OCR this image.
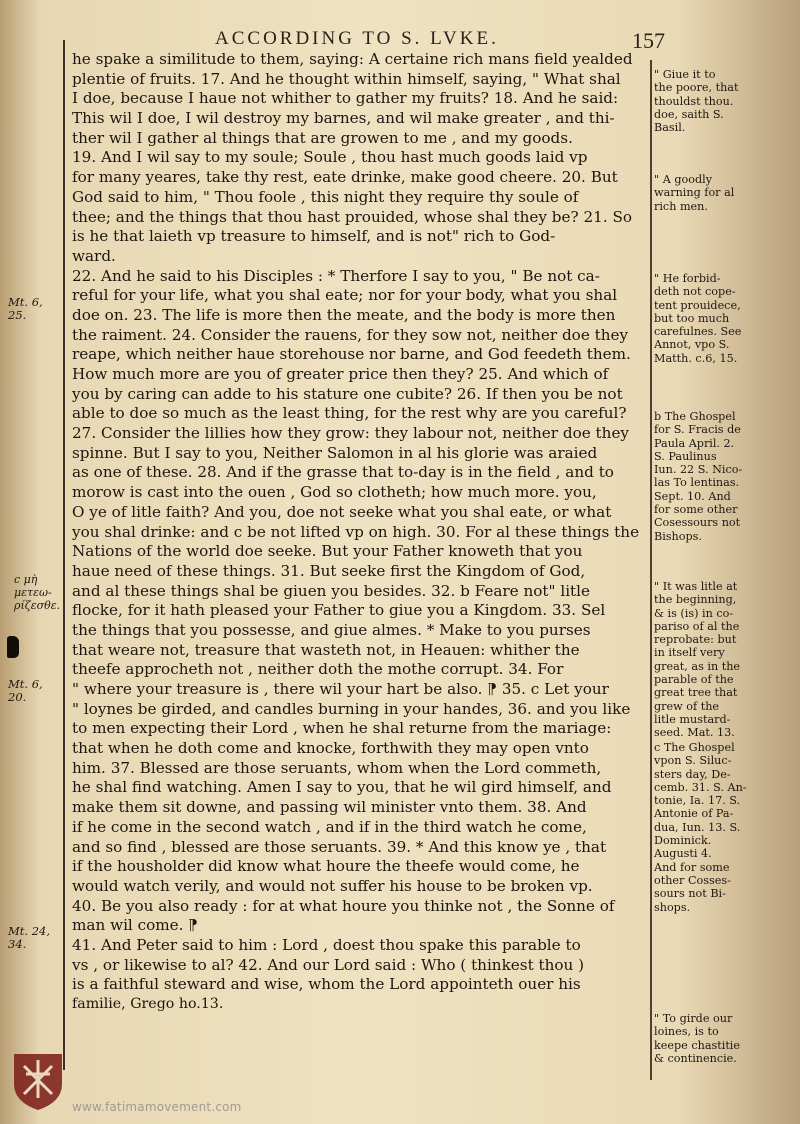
ACCORDING TO S. LVKE.	157
Mt. 6,
25.
c μὴ
μετεω-
ρίζεσθε.
Mt. 6,
20.
Mt. 24,
34.
he spake a similitude to them, saying: A certaine rich mans field yealded
plentie of fruits. 17. And he thought within himself, saying, " What shal
I doe, because I haue not whither to gather my fruits? 18. And he said:
This wil I doe, I wil destroy my barnes, and wil make greater , and thi-
ther wil I gather al things that are growen to me , and my goods.
19. And I wil say to my soule; Soule , thou hast much goods laid vp
for many yeares, take thy rest, eate drinke, make good cheere. 20. But
God said to him, " Thou foole , this night they require thy soule of
thee; and the things that thou hast prouided, whose shal they be? 21. So
is he that laieth vp treasure to himself, and is not" rich to God-
ward.
22. And he said to his Disciples : * Therfore I say to you, " Be not ca-
reful for your life, what you shal eate; nor for your body, what you shal
doe on. 23. The life is more then the meate, and the body is more then
the raiment. 24. Consider the rauens, for they sow not, neither doe they
reape, which neither haue storehouse nor barne, and God feedeth them.
How much more are you of greater price then they? 25. And which of
you by caring can adde to his stature one cubite? 26. If then you be not
able to doe so much as the least thing, for the rest why are you careful?
27. Consider the lillies how they grow: they labour not, neither doe they
spinne. But I say to you, Neither Salomon in al his glorie was araied
as one of these. 28. And if the grasse that to-day is in the field , and to
morow is cast into the ouen , God so clotheth; how much more. you,
O ye of litle faith? And you, doe not seeke what you shal eate, or what
you shal drinke: and c be not lifted vp on high. 30. For al these things the
Nations of the world doe seeke. But your Father knoweth that you
haue need of these things. 31. But seeke first the Kingdom of God,
and al these things shal be giuen you besides. 32. b Feare not" litle
flocke, for it hath pleased your Father to giue you a Kingdom. 33. Sel
the things that you possesse, and giue almes. * Make to you purses
that weare not, treasure that wasteth not, in Heauen: whither the
theefe approcheth not , neither doth the mothe corrupt. 34. For
" where your treasure is , there wil your hart be also. ⁋ 35. c Let your
" loynes be girded, and candles burning in your handes, 36. and you like
to men expecting their Lord , when he shal returne from the mariage:
that when he doth come and knocke, forthwith they may open vnto
him. 37. Blessed are those seruants, whom when the Lord commeth,
he shal find watching. Amen I say to you, that he wil gird himself, and
make them sit downe, and passing wil minister vnto them. 38. And
if he come in the second watch , and if in the third watch he come,
and so find , blessed are those seruants. 39. * And this know ye , that
if the housholder did know what houre the theefe would come, he
would watch verily, and would not suffer his house to be broken vp.
40. Be you also ready : for at what houre you thinke not , the Sonne of
man wil come. ⁋
41. And Peter said to him : Lord , doest thou spake this parable to
vs , or likewise to al? 42. And our Lord said : Who ( thinkest thou )
is a faithful steward and wise, whom the Lord appointeth ouer his
familie, Grego ho.13.
" Giue it to
the poore, that
thouldst thou.
doe, saith S.
Basil.
" A goodly
warning for al
rich men.
" He forbid-
deth not cope-
tent prouidece,
but too much
carefulnes. See
Annot, vpo S.
Matth. c.6, 15.
b The Ghospel
for S. Fracis de
Paula April. 2.
S. Paulinus
Iun. 22 S. Nico-
las To lentinas.
Sept. 10. And
for some other
Cosessours not
Bishops.
" It was litle at
the beginning,
& is (is) in co-
pariso of al the
reprobate: but
in itself very
great, as in the
parable of the
great tree that
grew of the
litle mustard-
seed. Mat. 13.
c The Ghospel
vpon S. Siluc-
sters day, De-
cemb. 31. S. An-
tonie, Ia. 17. S.
Antonie of Pa-
dua, Iun. 13. S.
Dominick.
Augusti 4.
And for some
other Cosses-
sours not Bi-
shops.
" To girde our
loines, is to
keepe chastitie
& continencie.
www.fatimamovement.com
